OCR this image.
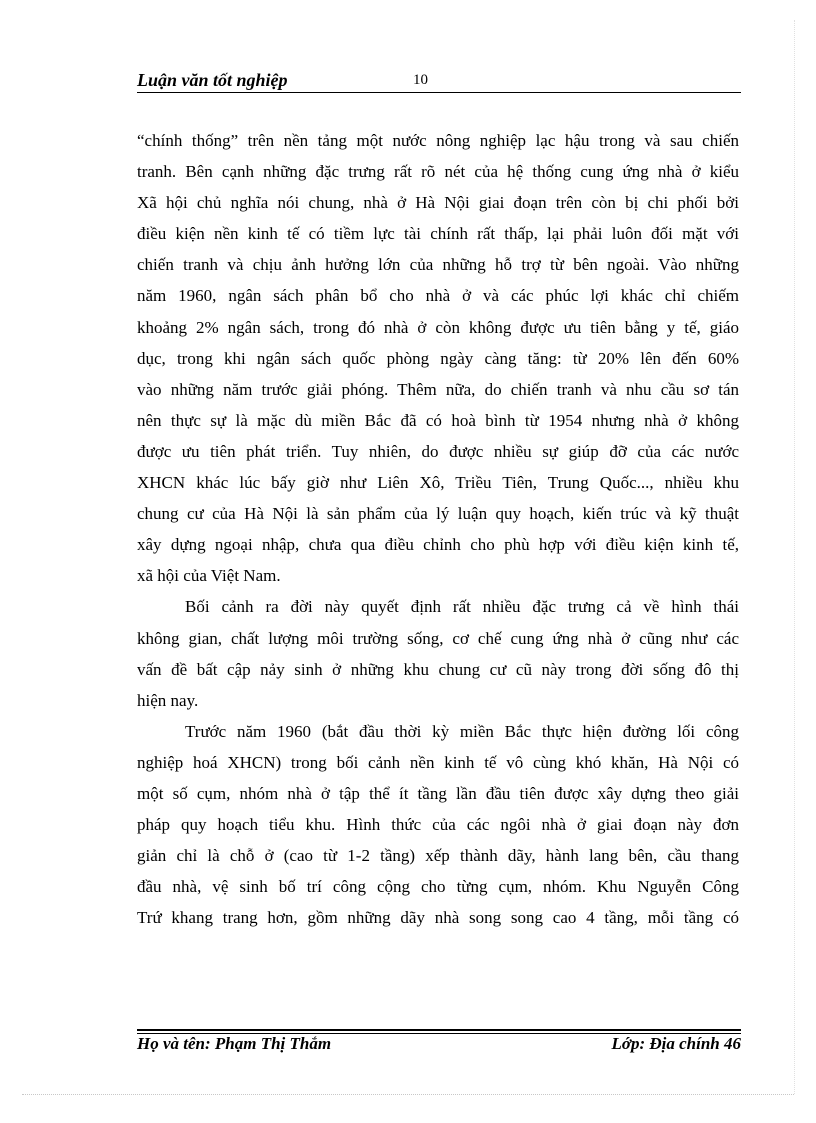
Luận văn tốt nghiệp	10
“chính thống” trên nền tảng một nước nông nghiệp lạc hậu trong và sau chiến
tranh. Bên cạnh những đặc trưng rất rõ nét của hệ thống cung ứng nhà ở kiểu
Xã hội chủ nghĩa nói chung, nhà ở Hà Nội giai đoạn trên còn bị chi phối bởi
điều kiện nền kinh tế có tiềm lực tài chính rất thấp, lại phải luôn đối mặt với
chiến tranh và chịu ảnh hưởng lớn của những hỗ trợ từ bên ngoài. Vào những
năm 1960, ngân sách phân bổ cho nhà ở và các phúc lợi khác chỉ chiếm
khoảng 2% ngân sách, trong đó nhà ở còn không được ưu tiên bằng y tế, giáo
dục, trong khi ngân sách quốc phòng ngày càng tăng: từ 20% lên đến 60%
vào những năm trước giải phóng. Thêm nữa, do chiến tranh và nhu cầu sơ tán
nên thực sự là mặc dù miền Bắc đã có hoà bình từ 1954 nhưng nhà ở không
được ưu tiên phát triển. Tuy nhiên, do được nhiều sự giúp đỡ của các nước
XHCN khác lúc bấy giờ như Liên Xô, Triều Tiên, Trung Quốc..., nhiều khu
chung cư của Hà Nội là sản phẩm của lý luận quy hoạch, kiến trúc và kỹ thuật
xây dựng ngoại nhập, chưa qua điều chỉnh cho phù hợp với điều kiện kinh tế,
xã hội của Việt Nam.
Bối cảnh ra đời này quyết định rất nhiều đặc trưng cả về hình thái
không gian, chất lượng môi trường sống, cơ chế cung ứng nhà ở cũng như các
vấn đề bất cập nảy sinh ở những khu chung cư cũ này trong đời sống đô thị
hiện nay.
Trước năm 1960 (bắt đầu thời kỳ miền Bắc thực hiện đường lối công
nghiệp hoá XHCN) trong bối cảnh nền kinh tế vô cùng khó khăn, Hà Nội có
một số cụm, nhóm nhà ở tập thể ít tầng lần đầu tiên được xây dựng theo giải
pháp quy hoạch tiểu khu. Hình thức của các ngôi nhà ở giai đoạn này đơn
giản chỉ là chỗ ở (cao từ 1-2 tầng) xếp thành dãy, hành lang bên, cầu thang
đầu nhà, vệ sinh bố trí công cộng cho từng cụm, nhóm. Khu Nguyễn Công
Trứ khang trang hơn, gồm những dãy nhà song song cao 4 tầng, mỗi tầng có
Họ và tên: Phạm Thị Thắm	Lớp: Địa chính 46
